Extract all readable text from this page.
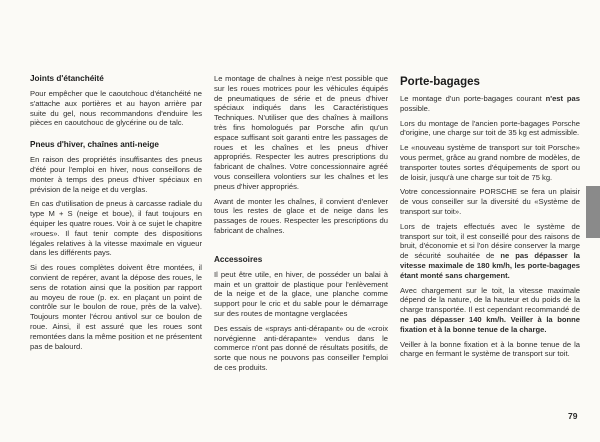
Joints d'étanchéité

Pour empêcher que le caoutchouc d'étanchéité ne s'attache aux portières et au hayon arrière par suite du gel, nous recommandons d'enduire les pièces en caoutchouc de glycérine ou de talc.

Pneus d'hiver, chaînes anti-neige

En raison des propriétés insuffisantes des pneus d'été pour l'emploi en hiver, nous conseillons de monter à temps des pneus d'hiver spéciaux en prévision de la neige et du verglas.

En cas d'utilisation de pneus à carcasse radiale du type M + S (neige et boue), il faut toujours en équiper les quatre roues. Voir à ce sujet le chapitre «roues». Il faut tenir compte des dispositions légales relatives à la vitesse maximale en vigueur dans les différents pays.

Si des roues complètes doivent être montées, il convient de repérer, avant la dépose des roues, le sens de rotation ainsi que la position par rapport au moyeu de roue (p. ex. en plaçant un point de contrôle sur le boulon de roue, près de la valve). Toujours monter l'écrou antivol sur ce boulon de roue. Ainsi, il est assuré que les roues sont remontées dans la même position et ne présentent pas de balourd.

Le montage de chaînes à neige n'est possible que sur les roues motrices pour les véhicules équipés de pneumatiques de série et de pneus d'hiver spéciaux indiqués dans les Caractéristiques Techniques. N'utiliser que des chaînes à maillons très fins homologués par Porsche afin qu'un espace suffisant soit garanti entre les passages de roues et les chaînes et les pneus d'hiver appropriés. Respecter les autres prescriptions du fabricant de chaînes. Votre concessionnaire agréé vous conseillera volontiers sur les chaînes et les pneus d'hiver appropriés.

Avant de monter les chaînes, il convient d'enlever tous les restes de glace et de neige dans les passages de roues. Respecter les prescriptions du fabricant de chaînes.

Accessoires

Il peut être utile, en hiver, de posséder un balai à main et un grattoir de plastique pour l'enlèvement de la neige et de la glace, une planche comme support pour le cric et du sable pour le démarrage sur des routes de montagne verglacées

Des essais de «sprays anti-dérapant» ou de «croix norvégienne anti-dérapante» vendus dans le commerce n'ont pas donné de résultats positifs, de sorte que nous ne pouvons pas conseiller l'emploi de ces produits.

Porte-bagages

Le montage d'un porte-bagages courant n'est pas possible.

Lors du montage de l'ancien porte-bagages Porsche d'origine, une charge sur toit de 35 kg est admissible.

Le «nouveau système de transport sur toit Porsche» vous permet, grâce au grand nombre de modèles, de transporter toutes sortes d'équipements de sport ou de loisir, jusqu'à une charge sur toit de 75 kg.

Votre concessionnaire PORSCHE se fera un plaisir de vous conseiller sur la diversité du «Système de transport sur toit».

Lors de trajets effectués avec le système de transport sur toit, il est conseillé pour des raisons de bruit, d'économie et si l'on désire conserver la marge de sécurité souhaitée de ne pas dépasser la vitesse maximale de 180 km/h, les porte-bagages étant monté sans chargement.

Avec chargement sur le toit, la vitesse maximale dépend de la nature, de la hauteur et du poids de la charge transportée. Il est cependant recommandé de ne pas dépasser 140 km/h. Veiller à la bonne fixation et à la bonne tenue de la charge.

Veiller à la bonne fixation et à la bonne tenue de la charge en fermant le système de transport sur toit.

79
